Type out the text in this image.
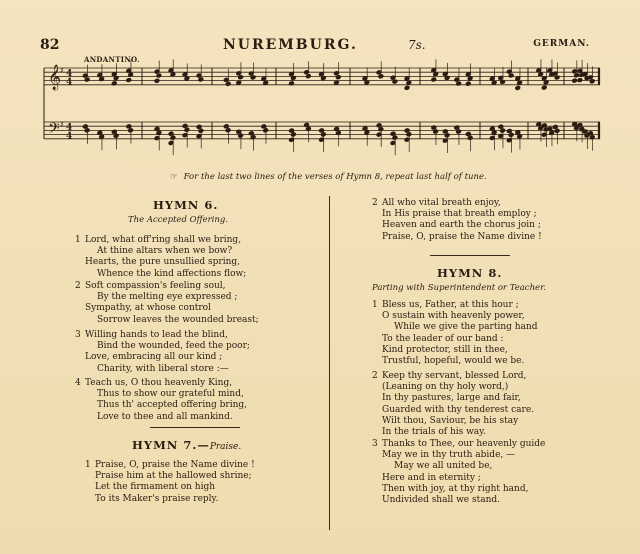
82	NUREMBURG.	7s.	GERMAN.
ANDANTINO.
𝄞
𝄢
4
4
♯
4
4
♯
☞ For the last two lines of the verses of Hymn 8, repeat last half of tune.
HYMN 6.
The Accepted Offering.
1 Lord, what off'ring shall we bring,
At thine altars when we bow?
Hearts, the pure unsullied spring,
Whence the kind affections flow;
2 Soft compassion's feeling soul,
By the melting eye expressed ;
Sympathy, at whose control
Sorrow leaves the wounded breast;
3 Willing hands to lead the blind,
Bind the wounded, feed the poor;
Love, embracing all our kind ;
Charity, with liberal store :—
4 Teach us, O thou heavenly King,
Thus to show our grateful mind,
Thus th' accepted offering bring,
Love to thee and all mankind.
HYMN 7.—Praise.
1 Praise, O, praise the Name divine !
Praise him at the hallowed shrine;
Let the firmament on high
To its Maker's praise reply.
2 All who vital breath enjoy,
In His praise that breath employ ;
Heaven and earth the chorus join ;
Praise, O, praise the Name divine !
HYMN 8.
Parting with Superintendent or Teacher.
1 Bless us, Father, at this hour ;
O sustain with heavenly power,
While we give the parting hand
To the leader of our band :
Kind protector, still in thee,
Trustful, hopeful, would we be.
2 Keep thy servant, blessed Lord,
(Leaning on thy holy word,)
In thy pastures, large and fair,
Guarded with thy tenderest care.
Wilt thou, Saviour, be his stay
In the trials of his way.
3 Thanks to Thee, our heavenly guide
May we in thy truth abide, —
May we all united be,
Here and in eternity ;
Then with joy, at thy right hand,
Undivided shall we stand.
